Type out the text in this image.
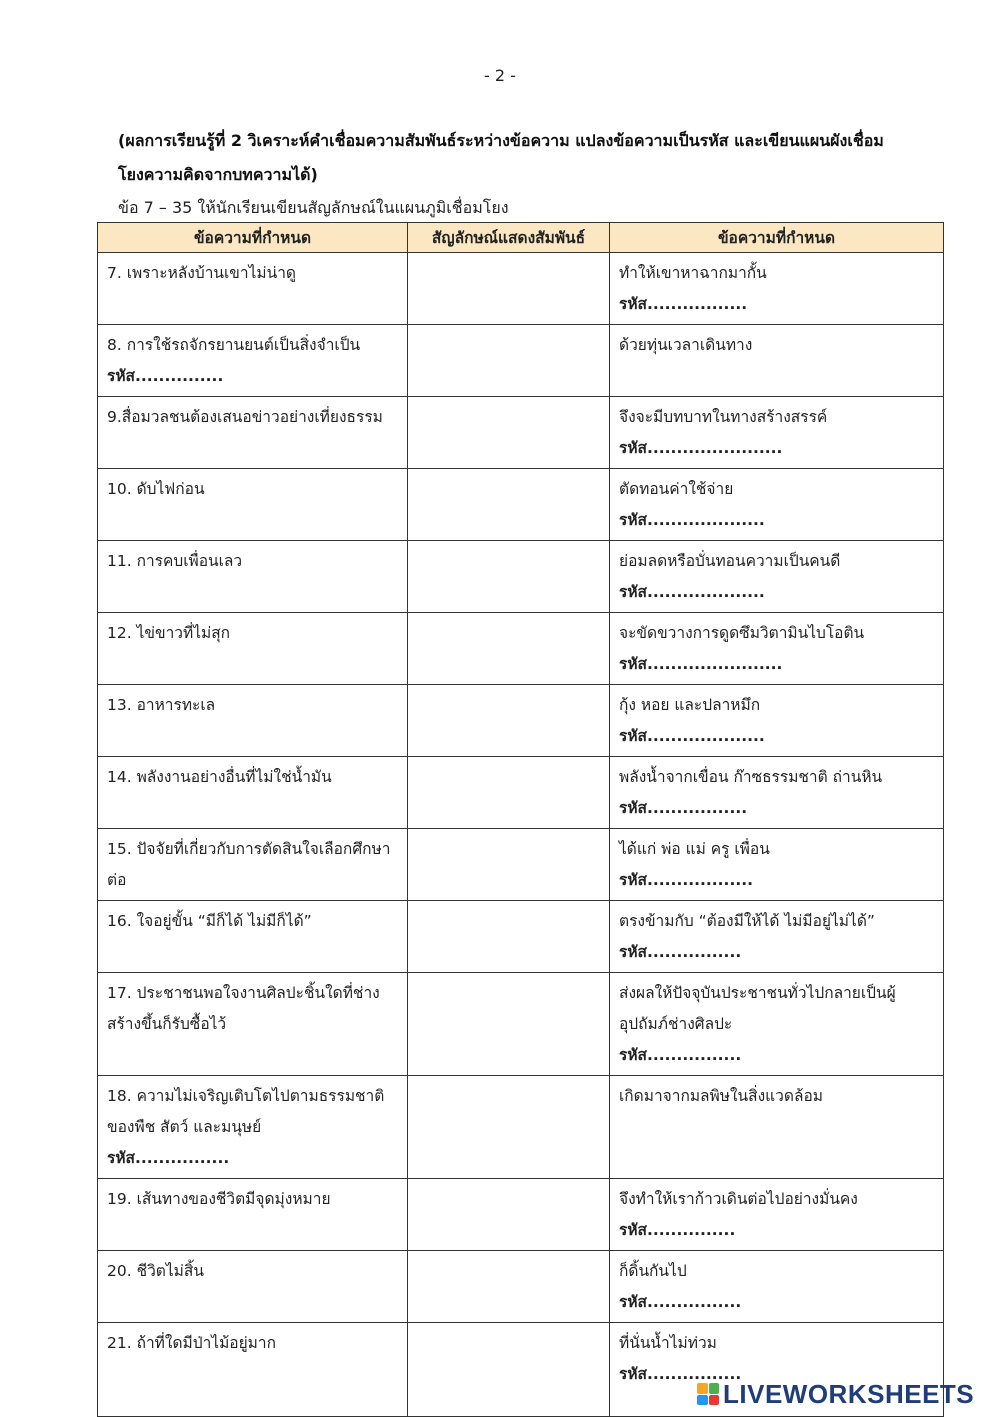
- 2 -
(ผลการเรียนรู้ที่ 2 วิเคราะห์คำเชื่อมความสัมพันธ์ระหว่างข้อความ แปลงข้อความเป็นรหัส และเขียนแผนผังเชื่อมโยงความคิดจากบทความได้)
ข้อ 7 – 35 ให้นักเรียนเขียนสัญลักษณ์ในแผนภูมิเชื่อมโยง
ข้อความที่กำหนด	สัญลักษณ์แสดงสัมพันธ์	ข้อความที่กำหนด

7. เพราะหลังบ้านเขาไม่น่าดู		ทำให้เขาหาฉากมากั้น
รหัส.................

8. การใช้รถจักรยานยนต์เป็นสิ่งจำเป็น
รหัส...............		ด้วยทุ่นเวลาเดินทาง

9.สื่อมวลชนต้องเสนอข่าวอย่างเที่ยงธรรม		จึงจะมีบทบาทในทางสร้างสรรค์
รหัส.......................

10. ดับไฟก่อน		ตัดทอนค่าใช้จ่าย
รหัส....................

11. การคบเพื่อนเลว		ย่อมลดหรือบั่นทอนความเป็นคนดี
รหัส....................

12. ไข่ขาวที่ไม่สุก		จะขัดขวางการดูดซึมวิตามินไบโอติน
รหัส.......................

13. อาหารทะเล		กุ้ง หอย และปลาหมึก
รหัส....................

14. พลังงานอย่างอื่นที่ไม่ใช่น้ำมัน		พลังน้ำจากเขื่อน ก๊าซธรรมชาติ ถ่านหิน
รหัส.................

15. ปัจจัยที่เกี่ยวกับการตัดสินใจเลือกศึกษาต่อ		ได้แก่ พ่อ แม่ ครู เพื่อน
รหัส..................

16. ใจอยู่ขั้น “มีก็ได้ ไม่มีก็ได้”		ตรงข้ามกับ “ต้องมีให้ได้ ไม่มีอยู่ไม่ได้”
รหัส................

17. ประชาชนพอใจงานศิลปะชิ้นใดที่ช่างสร้างขึ้นก็รับซื้อไว้		ส่งผลให้ปัจจุบันประชาชนทั่วไปกลายเป็นผู้อุปถัมภ์ช่างศิลปะ
รหัส................

18. ความไม่เจริญเติบโตไปตามธรรมชาติของพืช สัตว์ และมนุษย์
รหัส................		เกิดมาจากมลพิษในสิ่งแวดล้อม

19. เส้นทางของชีวิตมีจุดมุ่งหมาย		จึงทำให้เราก้าวเดินต่อไปอย่างมั่นคง
รหัส...............

20. ชีวิตไม่สิ้น		ก็ดิ้นกันไป
รหัส................

21. ถ้าที่ใดมีป่าไม้อยู่มาก		ที่นั่นน้ำไม่ท่วม
รหัส................
LIVEWORKSHEETS
